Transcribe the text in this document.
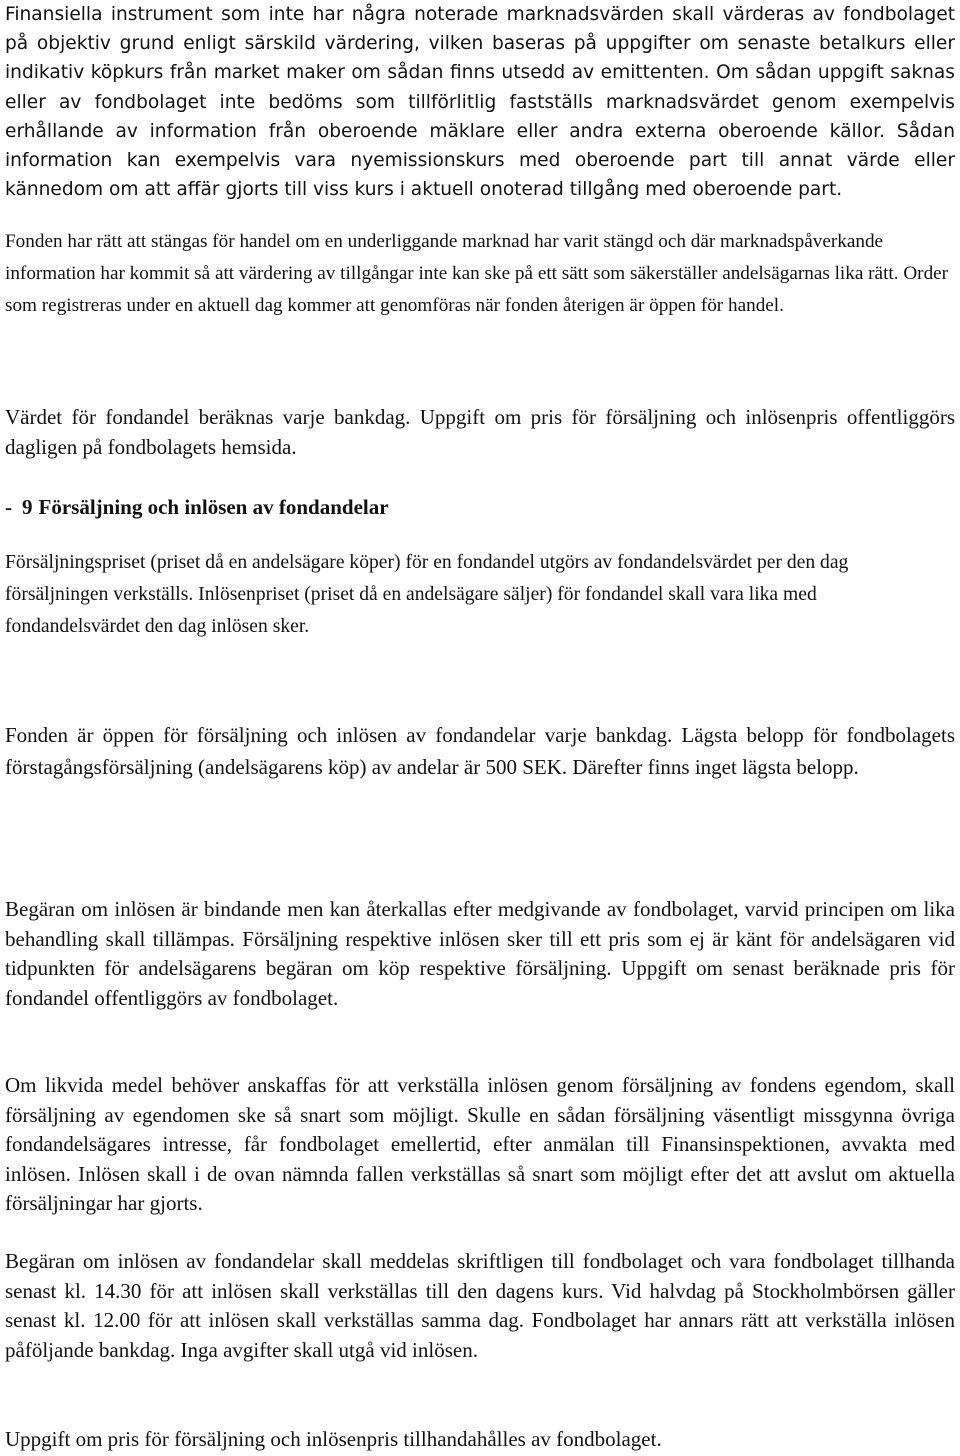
Finansiella instrument som inte har några noterade marknadsvärden skall värderas av fondbolaget på objektiv grund enligt särskild värdering, vilken baseras på uppgifter om senaste betalkurs eller indikativ köpkurs från market maker om sådan finns utsedd av emittenten. Om sådan uppgift saknas eller av fondbolaget inte bedöms som tillförlitlig fastställs marknadsvärdet genom exempelvis erhållande av information från oberoende mäklare eller andra externa oberoende källor. Sådan information kan exempelvis vara nyemissionskurs med oberoende part till annat värde eller kännedom om att affär gjorts till viss kurs i aktuell onoterad tillgång med oberoende part.

Fonden har rätt att stängas för handel om en underliggande marknad har varit stängd och där marknadspåverkande information har kommit så att värdering av tillgångar inte kan ske på ett sätt som säkerställer andelsägarnas lika rätt. Order som registreras under en aktuell dag kommer att genomföras när fonden återigen är öppen för handel.

Värdet för fondandel beräknas varje bankdag. Uppgift om pris för försäljning och inlösenpris offentliggörs dagligen på fondbolagets hemsida.

- 9 Försäljning och inlösen av fondandelar

Försäljningspriset (priset då en andelsägare köper) för en fondandel utgörs av fondandelsvärdet per den dag försäljningen verkställs. Inlösenpriset (priset då en andelsägare säljer) för fondandel skall vara lika med fondandelsvärdet den dag inlösen sker.

Fonden är öppen för försäljning och inlösen av fondandelar varje bankdag. Lägsta belopp för fondbolagets förstagångsförsäljning (andelsägarens köp) av andelar är 500 SEK. Därefter finns inget lägsta belopp.

Begäran om inlösen är bindande men kan återkallas efter medgivande av fondbolaget, varvid principen om lika behandling skall tillämpas. Försäljning respektive inlösen sker till ett pris som ej är känt för andelsägaren vid tidpunkten för andelsägarens begäran om köp respektive försäljning. Uppgift om senast beräknade pris för fondandel offentliggörs av fondbolaget.

Om likvida medel behöver anskaffas för att verkställa inlösen genom försäljning av fondens egendom, skall försäljning av egendomen ske så snart som möjligt. Skulle en sådan försäljning väsentligt missgynna övriga fondandelsägares intresse, får fondbolaget emellertid, efter anmälan till Finansinspektionen, avvakta med inlösen. Inlösen skall i de ovan nämnda fallen verkställas så snart som möjligt efter det att avslut om aktuella försäljningar har gjorts.

Begäran om inlösen av fondandelar skall meddelas skriftligen till fondbolaget och vara fondbolaget tillhanda senast kl. 14.30 för att inlösen skall verkställas till den dagens kurs. Vid halvdag på Stockholmbörsen gäller senast kl. 12.00 för att inlösen skall verkställas samma dag. Fondbolaget har annars rätt att verkställa inlösen påföljande bankdag. Inga avgifter skall utgå vid inlösen.

Uppgift om pris för försäljning och inlösenpris tillhandahålles av fondbolaget.
